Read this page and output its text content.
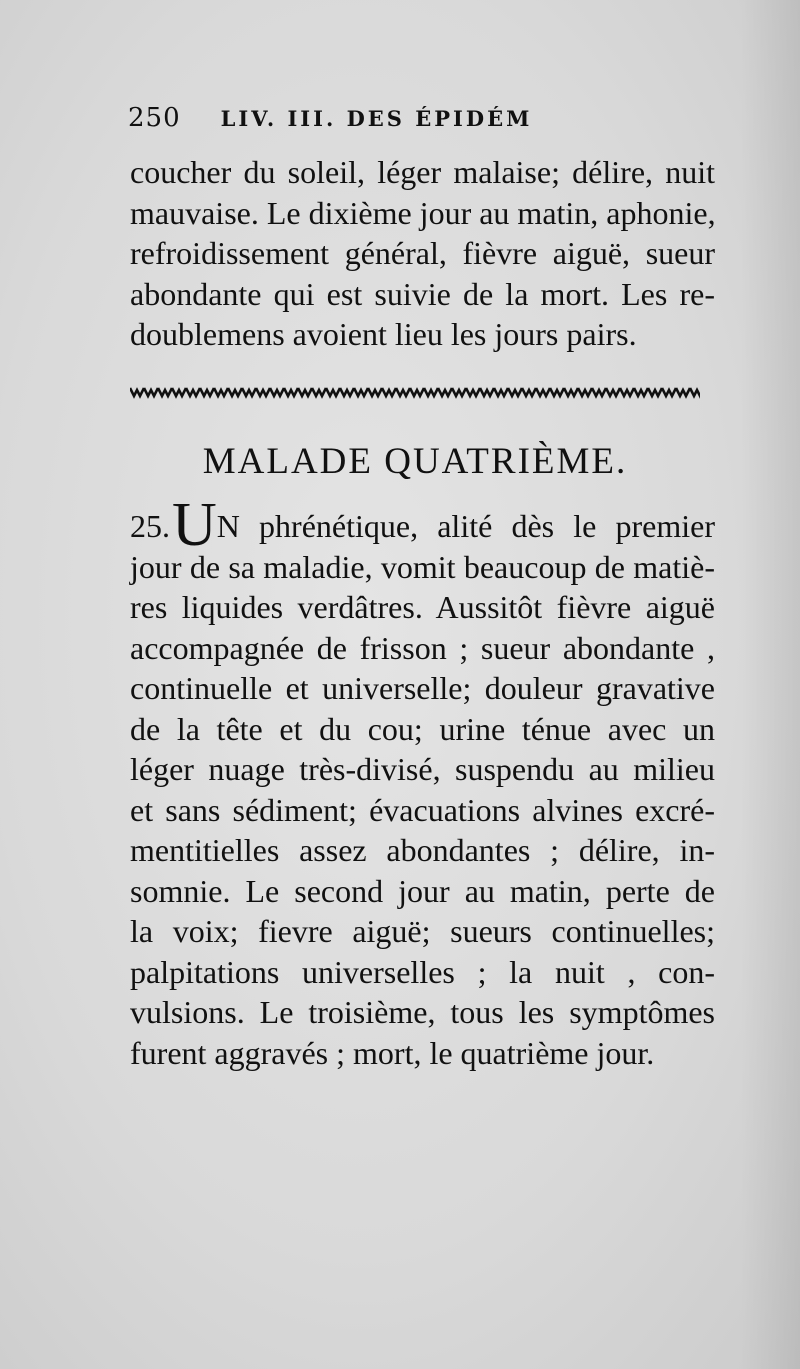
250 LIV. III. DES ÉPIDÉM
coucher du soleil, léger malaise; délire, nuit
mauvaise. Le dixième jour au matin, aphonie,
refroidissement général, fièvre aiguë, sueur
abondante qui est suivie de la mort. Les re-
doublemens avoient lieu les jours pairs.
MALADE QUATRIÈME.
25.UN phrénétique, alité dès le premier
jour de sa maladie, vomit beaucoup de matiè-
res liquides verdâtres. Aussitôt fièvre aiguë
accompagnée de frisson ; sueur abondante ,
continuelle et universelle; douleur gravative
de la tête et du cou; urine ténue avec un
léger nuage très-divisé, suspendu au milieu
et sans sédiment; évacuations alvines excré-
mentitielles assez abondantes ; délire, in-
somnie. Le second jour au matin, perte de
la voix; fievre aiguë; sueurs continuelles;
palpitations universelles ; la nuit , con-
vulsions. Le troisième, tous les symptômes
furent aggravés ; mort, le quatrième jour.
